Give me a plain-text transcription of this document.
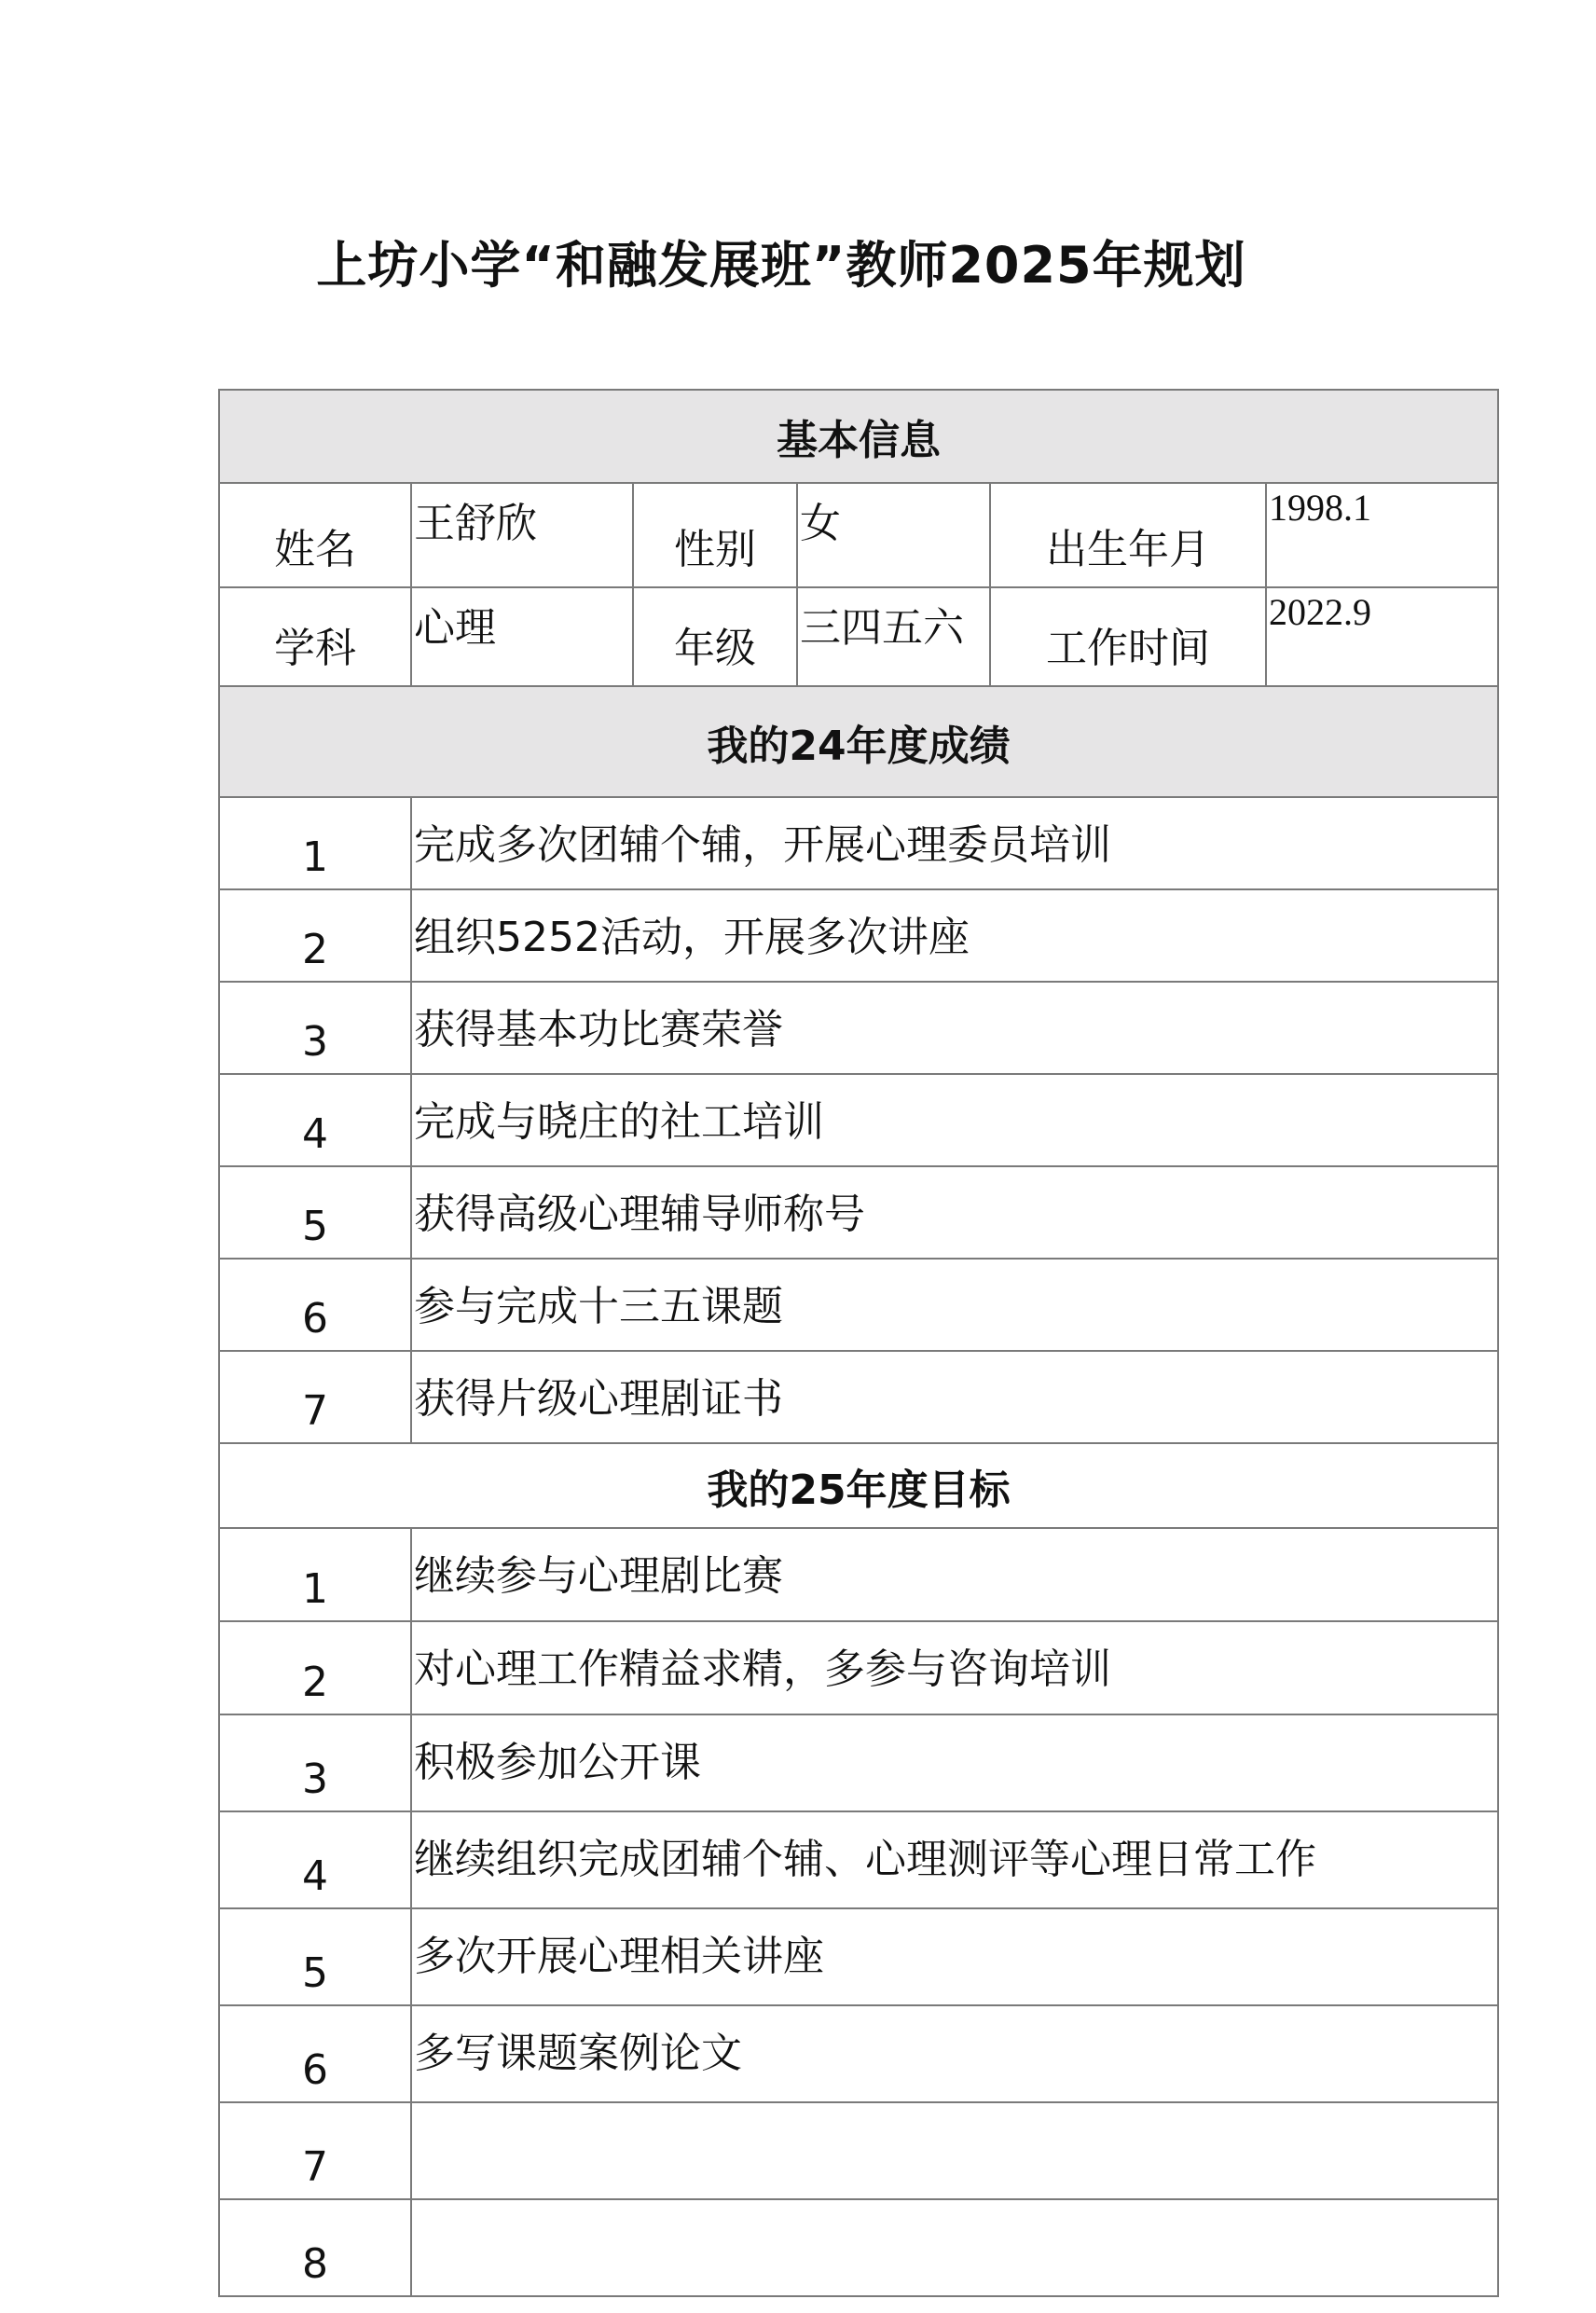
上坊小学“和融发展班”教师2025年规划
基本信息					
姓名	王舒欣	性别	女	出生年月	1998.1
学科	心理	年级	三四五六	工作时间	2022.9
我的24年度成绩					
1	完成多次团辅个辅，开展心理委员培训				
2	组织5252活动，开展多次讲座				
3	获得基本功比赛荣誉				
4	完成与晓庄的社工培训				
5	获得高级心理辅导师称号				
6	参与完成十三五课题				
7	获得片级心理剧证书				
我的25年度目标					
1	继续参与心理剧比赛				
2	对心理工作精益求精，多参与咨询培训				
3	积极参加公开课				
4	继续组织完成团辅个辅、心理测评等心理日常工作				
5	多次开展心理相关讲座				
6	多写课题案例论文				
7					
8					
